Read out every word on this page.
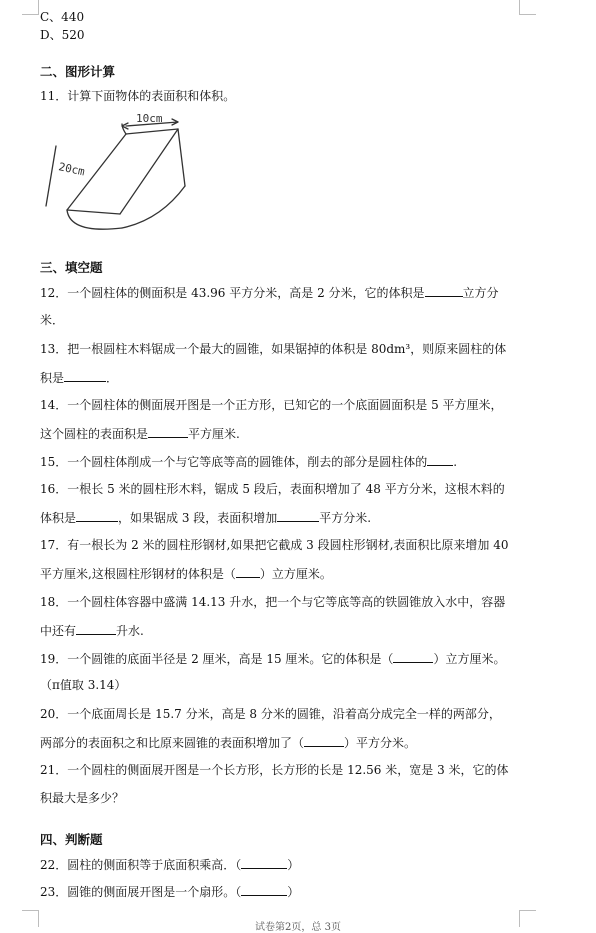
C、440
D、520
二、图形计算
11．计算下面物体的表面积和体积。
10cm
20cm
三、填空题
12．一个圆柱体的侧面积是 43.96 平方分米，高是 2 分米，它的体积是	立方分
米．
13．把一根圆柱木料锯成一个最大的圆锥，如果锯掉的体积是 80dm³，则原来圆柱的体
积是	．
14．一个圆柱体的侧面展开图是一个正方形，已知它的一个底面圆面积是 5 平方厘米，
这个圆柱的表面积是	平方厘米.
15．一个圆柱体削成一个与它等底等高的圆锥体，削去的部分是圆柱体的 .
16．一根长 5 米的圆柱形木料，锯成 5 段后，表面积增加了 48 平方分米，这根木料的
体积是	，如果锯成 3 段，表面积增加	平方分米.
17．有一根长为 2 米的圆柱形钢材,如果把它截成 3 段圆柱形钢材,表面积比原来增加 40
平方厘米,这根圆柱形钢材的体积是（ ）立方厘米。
18．一个圆柱体容器中盛满 14.13 升水，把一个与它等底等高的铁圆锥放入水中，容器
中还有	升水.
19．一个圆锥的底面半径是 2 厘米，高是 15 厘米。它的体积是（	）立方厘米。
（π值取 3.14）
20．一个底面周长是 15.7 分米，高是 8 分米的圆锥，沿着高分成完全一样的两部分，
两部分的表面积之和比原来圆锥的表面积增加了（	）平方分米。
21．一个圆柱的侧面展开图是一个长方形，长方形的长是 12.56 米，宽是 3 米，它的体
积最大是多少？
四、判断题
22．圆柱的侧面积等于底面积乘高．（	）
23．圆锥的侧面展开图是一个扇形。（	）
试卷第2页，总 3页
